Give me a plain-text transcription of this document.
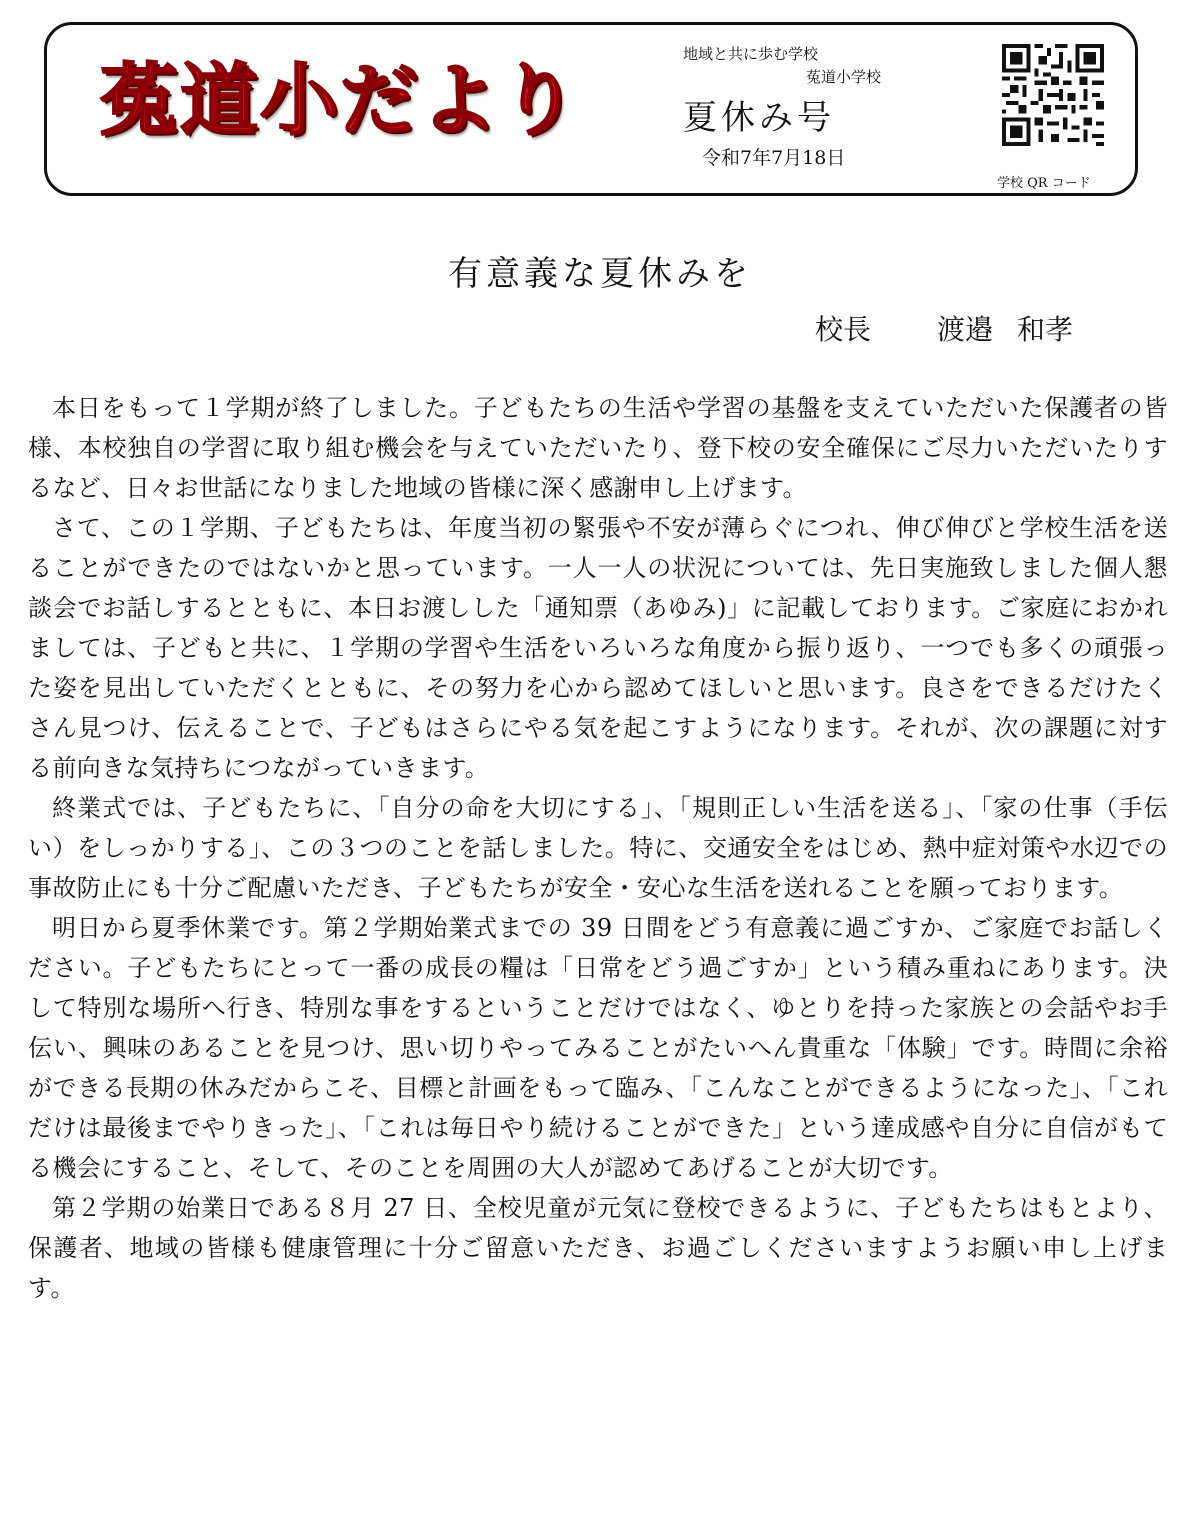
菟道小だより
地域と共に歩む学校
菟道小学校
夏休み号
令和7年7月18日
学校 QR コード
有意義な夏休みを
校長 渡邉 和孝

本日をもって１学期が終了しました。子どもたちの生活や学習の基盤を支えていただいた保護者の皆様、本校独自の学習に取り組む機会を与えていただいたり、登下校の安全確保にご尽力いただいたりするなど、日々お世話になりました地域の皆様に深く感謝申し上げます。

さて、この１学期、子どもたちは、年度当初の緊張や不安が薄らぐにつれ、伸び伸びと学校生活を送ることができたのではないかと思っています。一人一人の状況については、先日実施致しました個人懇談会でお話しするとともに、本日お渡しした「通知票（あゆみ)」に記載しております。ご家庭におかれましては、子どもと共に、１学期の学習や生活をいろいろな角度から振り返り、一つでも多くの頑張った姿を見出していただくとともに、その努力を心から認めてほしいと思います。良さをできるだけたくさん見つけ、伝えることで、子どもはさらにやる気を起こすようになります。それが、次の課題に対する前向きな気持ちにつながっていきます。

終業式では、子どもたちに、「自分の命を大切にする」、「規則正しい生活を送る」、「家の仕事（手伝い）をしっかりする」、この３つのことを話しました。特に、交通安全をはじめ、熱中症対策や水辺での事故防止にも十分ご配慮いただき、子どもたちが安全・安心な生活を送れることを願っております。

明日から夏季休業です。第２学期始業式までの 39 日間をどう有意義に過ごすか、ご家庭でお話しください。子どもたちにとって一番の成長の糧は「日常をどう過ごすか」という積み重ねにあります。決して特別な場所へ行き、特別な事をするということだけではなく、ゆとりを持った家族との会話やお手伝い、興味のあることを見つけ、思い切りやってみることがたいへん貴重な「体験」です。時間に余裕ができる長期の休みだからこそ、目標と計画をもって臨み、「こんなことができるようになった」、「これだけは最後までやりきった」、「これは毎日やり続けることができた」という達成感や自分に自信がもてる機会にすること、そして、そのことを周囲の大人が認めてあげることが大切です。

第２学期の始業日である８月 27 日、全校児童が元気に登校できるように、子どもたちはもとより、保護者、地域の皆様も健康管理に十分ご留意いただき、お過ごしくださいますようお願い申し上げます。
